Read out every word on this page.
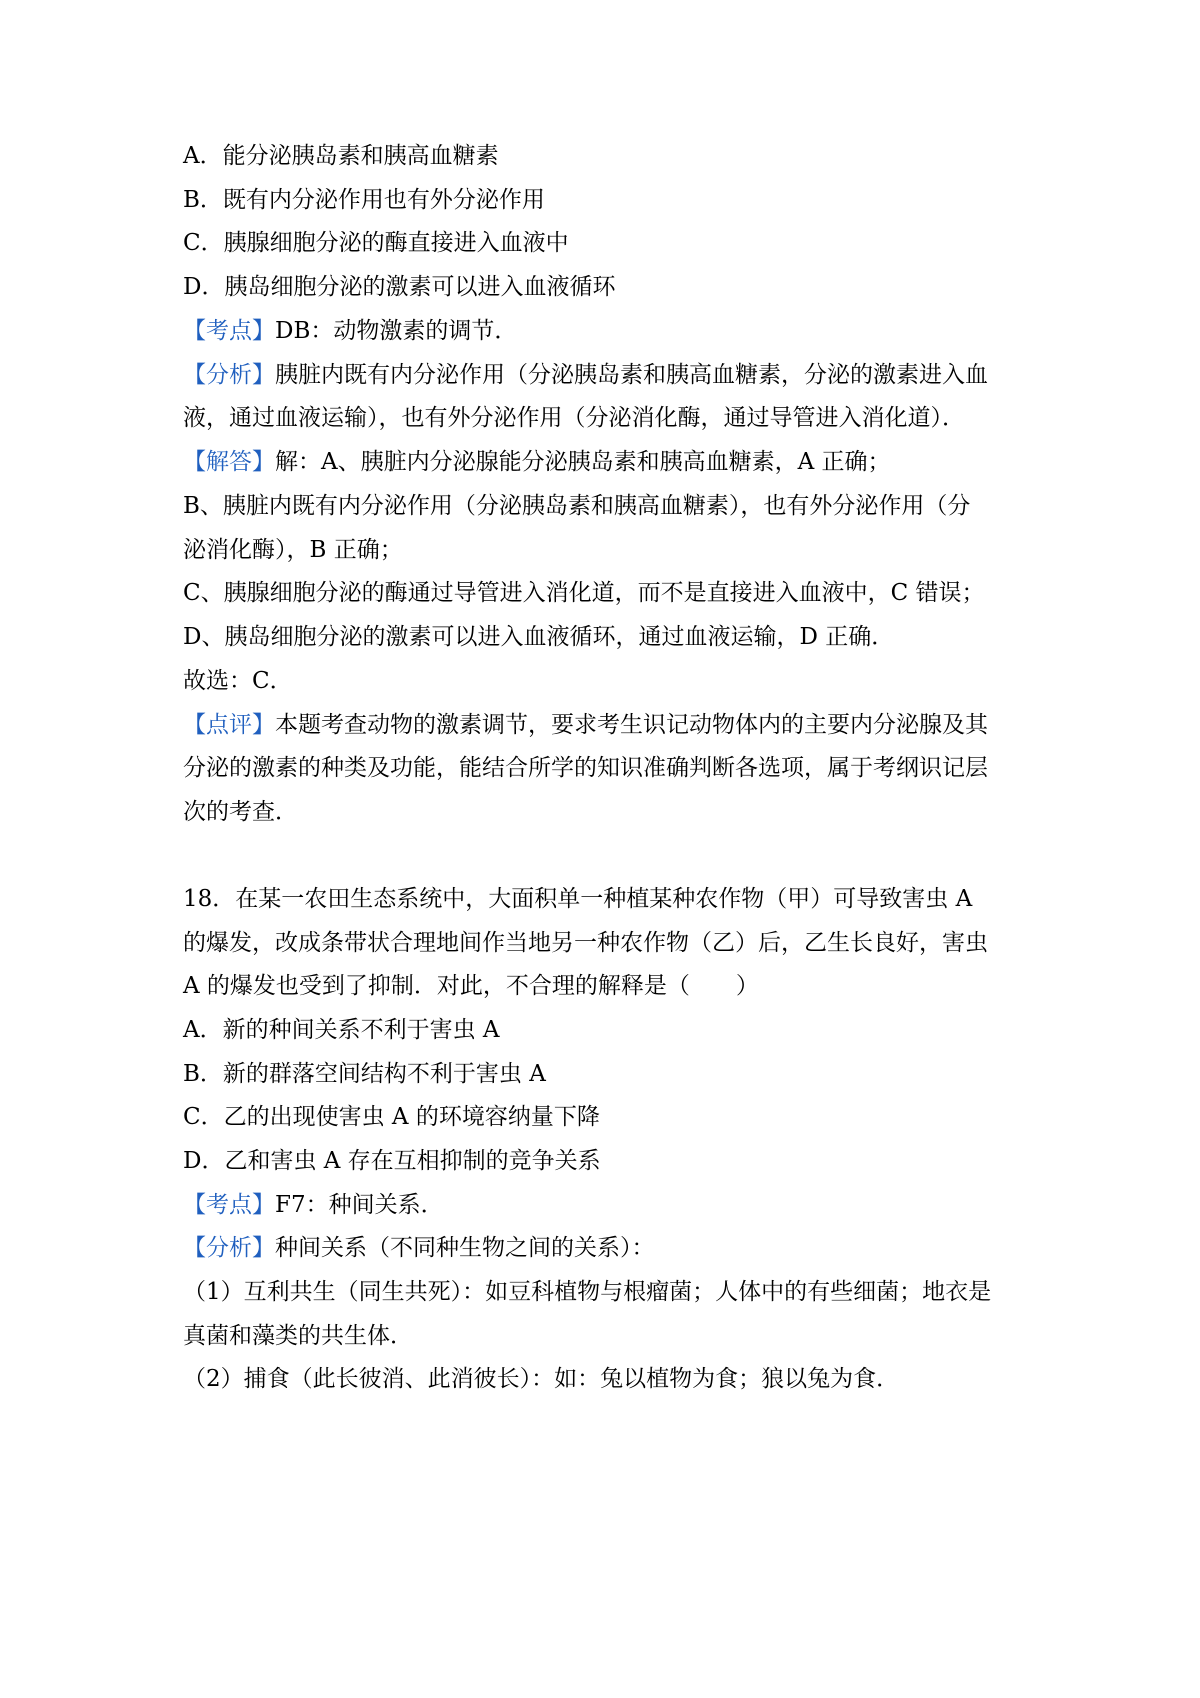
A．能分泌胰岛素和胰高血糖素
B．既有内分泌作用也有外分泌作用
C．胰腺细胞分泌的酶直接进入血液中
D．胰岛细胞分泌的激素可以进入血液循环
【考点】DB：动物激素的调节．
【分析】胰脏内既有内分泌作用（分泌胰岛素和胰高血糖素，分泌的激素进入血
液，通过血液运输），也有外分泌作用（分泌消化酶，通过导管进入消化道）．
【解答】解：A、胰脏内分泌腺能分泌胰岛素和胰高血糖素，A 正确；
B、胰脏内既有内分泌作用（分泌胰岛素和胰高血糖素），也有外分泌作用（分
泌消化酶），B 正确；
C、胰腺细胞分泌的酶通过导管进入消化道，而不是直接进入血液中，C 错误；
D、胰岛细胞分泌的激素可以进入血液循环，通过血液运输，D 正确．
故选：C．
【点评】本题考查动物的激素调节，要求考生识记动物体内的主要内分泌腺及其
分泌的激素的种类及功能，能结合所学的知识准确判断各选项，属于考纲识记层
次的考查．
18．在某一农田生态系统中，大面积单一种植某种农作物（甲）可导致害虫 A
的爆发，改成条带状合理地间作当地另一种农作物（乙）后，乙生长良好，害虫
A 的爆发也受到了抑制．对此，不合理的解释是（　　）
A．新的种间关系不利于害虫 A
B．新的群落空间结构不利于害虫 A
C．乙的出现使害虫 A 的环境容纳量下降
D．乙和害虫 A 存在互相抑制的竞争关系
【考点】F7：种间关系．
【分析】种间关系（不同种生物之间的关系）：
（1）互利共生（同生共死）：如豆科植物与根瘤菌；人体中的有些细菌；地衣是
真菌和藻类的共生体．
（2）捕食（此长彼消、此消彼长）：如：兔以植物为食；狼以兔为食．
